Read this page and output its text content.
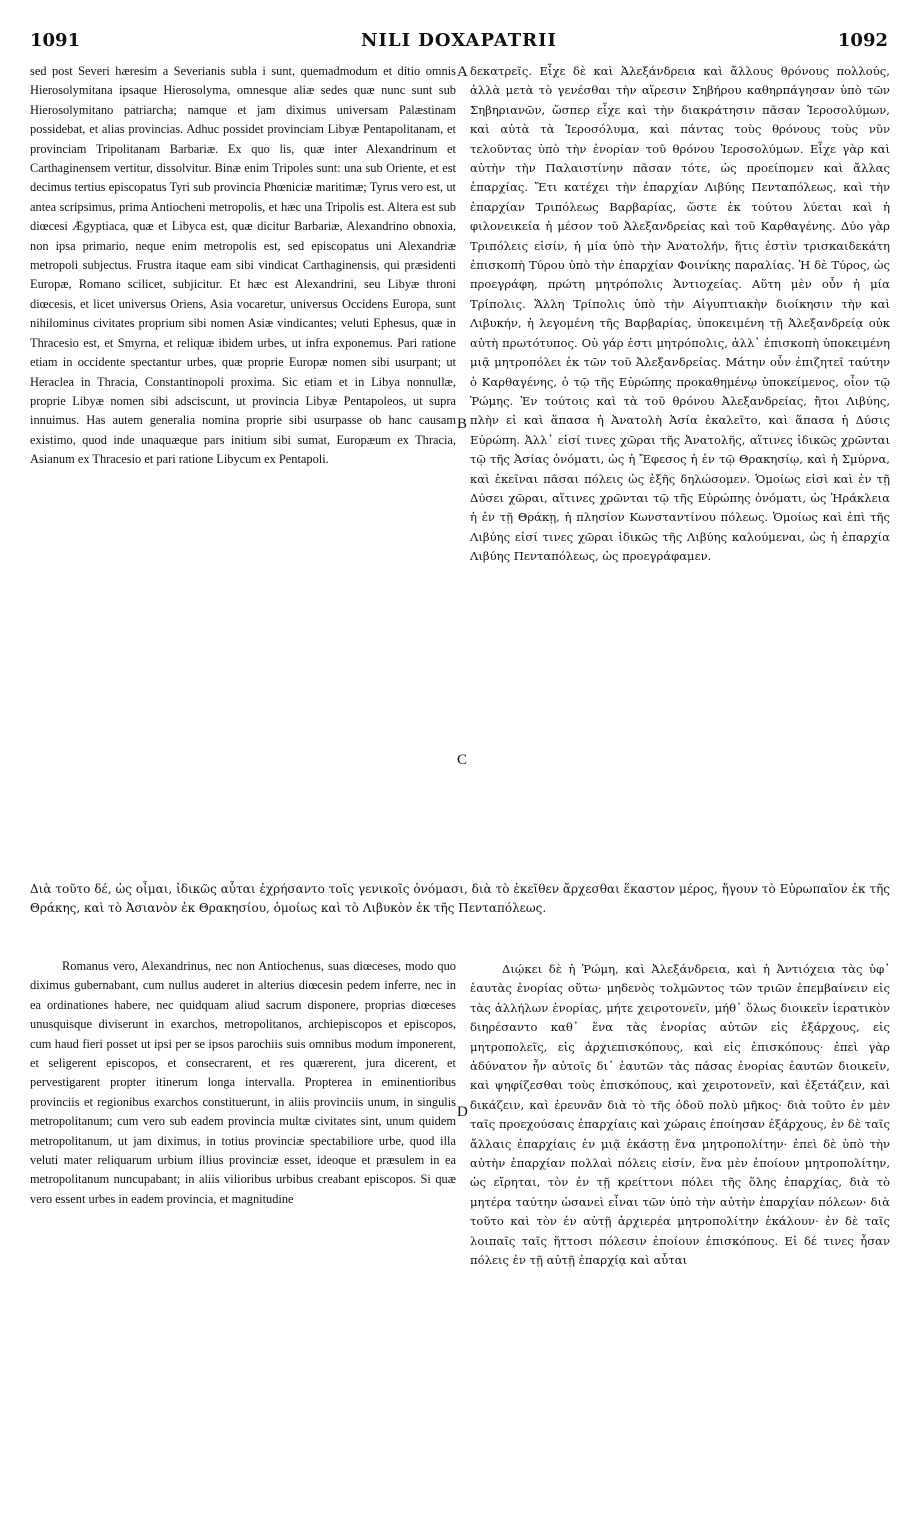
1091	NILI DOXAPATRII	1092

sed post Severi hæresim a Severianis subla i sunt, quemadmodum et ditio omnis Hierosolymitana ipsaque Hierosolyma, omnesque aliæ sedes quæ nunc sunt sub Hierosolymitano patriarcha; namque et jam diximus universam Palæstinam possidebat, et alias provincias. Adhuc possidet provinciam Libyæ Pentapolitanam, et provinciam Tripolitanam Barbariæ. Ex quo lis, quæ inter Alexandrinum et Carthaginensem vertitur, dissolvitur. Binæ enim Tripoles sunt: una sub Oriente, et est decimus tertius episcopatus Tyri sub provincia Phœniciæ maritimæ; Tyrus vero est, ut antea scripsimus, prima Antiocheni metropolis, et hæc una Tripolis est. Altera est sub diœcesi Ægyptiaca, quæ et Libyca est, quæ dicitur Barbariæ, Alexandrino obnoxia, non ipsa primario, neque enim metropolis est, sed episcopatus uni Alexandriæ metropoli subjectus. Frustra itaque eam sibi vindicat Carthaginensis, qui præsidenti Europæ, Romano scilicet, subjicitur. Et hæc est Alexandrini, seu Libyæ throni diœcesis, et licet universus Oriens, Asia vocaretur, universus Occidens Europa, sunt nihilominus civitates proprium sibi nomen Asiæ vindicantes; veluti Ephesus, quæ in Thracesio est, et Smyrna, et reliquæ ibidem urbes, ut infra exponemus. Pari ratione etiam in occidente spectantur urbes, quæ proprie Europæ nomen sibi usurpant; ut Heraclea in Thracia, Constantinopoli proxima. Sic etiam et in Libya nonnullæ, proprie Libyæ nomen sibi adsciscunt, ut provincia Libyæ Pentapoleos, ut supra innuimus. Has autem generalia nomina proprie sibi usurpasse ob hanc causam existimo, quod inde unaquæque pars initium sibi sumat, Europæum ex Thracia, Asianum ex Thracesio et pari ratione Libycum ex Pentapoli.

δεκατρεῖς. Εἶχε δὲ καὶ Ἀλεξάνδρεια καὶ ἄλλους θρόνους πολλούς, ἀλλὰ μετὰ τὸ γενέσθαι τὴν αἵρεσιν Σηβήρου καθηρπάγησαν ὑπὸ τῶν Σηβηριανῶν, ὥσπερ εἶχε καὶ τὴν διακράτησιν πᾶσαν Ἱεροσολύμων, καὶ αὐτὰ τὰ Ἱεροσόλυμα, καὶ πάντας τοὺς θρόνους τοὺς νῦν τελοῦντας ὑπὸ τὴν ἐνορίαν τοῦ θρόνου Ἱεροσολύμων. Εἶχε γὰρ καὶ αὐτὴν τὴν Παλαιστίνην πᾶσαν τότε, ὡς προείπομεν καὶ ἄλλας ἐπαρχίας. Ἔτι κατέχει τὴν ἐπαρχίαν Λιβύης Πενταπόλεως, καὶ τὴν ἐπαρχίαν Τριπόλεως Βαρβαρίας, ὥστε ἐκ τούτου λύεται καὶ ἡ φιλονεικεία ἡ μέσον τοῦ Ἀλεξανδρείας καὶ τοῦ Καρθαγένης. Δύο γὰρ Τριπόλεις εἰσίν, ἡ μία ὑπὸ τὴν Ἀνατολήν, ἥτις ἐστὶν τρισκαιδεκάτη ἐπισκοπὴ Τύρου ὑπὸ τὴν ἐπαρχίαν Φοινίκης παραλίας. Ἡ δὲ Τύρος, ὡς προεγράφη, πρώτη μητρόπολις Ἀντιοχείας. Αὕτη μὲν οὖν ἡ μία Τρίπολις. Ἄλλη Τρίπολις ὑπὸ τὴν Αἰγυπτιακὴν διοίκησιν τὴν καὶ Λιβυκήν, ἡ λεγομένη τῆς Βαρβαρίας, ὑποκειμένη τῇ Ἀλεξανδρείᾳ οὐκ αὐτὴ πρωτότυπος. Οὐ γάρ ἐστι μητρόπολις, ἀλλ᾿ ἐπισκοπὴ ὑποκειμένη μιᾷ μητροπόλει ἐκ τῶν τοῦ Ἀλεξανδρείας. Μάτην οὖν ἐπιζητεῖ ταύτην ὁ Καρθαγένης, ὁ τῷ τῆς Εὐρώπης προκαθημένῳ ὑποκείμενος, οἷον τῷ Ῥώμης. Ἐν τούτοις καὶ τὰ τοῦ θρόνου Ἀλεξανδρείας, ἤτοι Λιβύης, πλὴν εἰ καὶ ἅπασα ἡ Ἀνατολὴ Ἀσία ἐκαλεῖτο, καὶ ἅπασα ἡ Δύσις Εὐρώπη. Ἀλλ᾿ εἰσί τινες χῶραι τῆς Ἀνατολῆς, αἵτινες ἰδικῶς χρῶνται τῷ τῆς Ἀσίας ὀνόματι, ὡς ἡ Ἔφεσος ἡ ἐν τῷ Θρακησίῳ, καὶ ἡ Σμύρνα, καὶ ἐκεῖναι πᾶσαι πόλεις ὡς ἑξῆς δηλώσομεν. Ὁμοίως εἰσὶ καὶ ἐν τῇ Δύσει χῶραι, αἵτινες χρῶνται τῷ τῆς Εὐρώπης ὀνόματι, ὡς Ἡράκλεια ἡ ἐν τῇ Θράκῃ, ἡ πλησίον Κωνσταντίνου πόλεως. Ὁμοίως καὶ ἐπὶ τῆς Λιβύης εἰσί τινες χῶραι ἰδικῶς τῆς Λιβύης καλούμεναι, ὡς ἡ ἐπαρχία Λιβύης Πενταπόλεως, ὡς προεγράφαμεν.

A
B
C
D

Διὰ τοῦτο δέ, ὡς οἶμαι, ἰδικῶς αὗται ἐχρήσαντο τοῖς γενικοῖς ὀνόμασι, διὰ τὸ ἐκεῖθεν ἄρχεσθαι ἕκαστον μέρος, ἤγουν τὸ Εὐρωπαῖον ἐκ τῆς Θράκης, καὶ τὸ Ἀσιανὸν ἐκ Θρακησίου, ὁμοίως καὶ τὸ Λιβυκὸν ἐκ τῆς Πενταπόλεως.

Romanus vero, Alexandrinus, nec non Antiochenus, suas diœceses, modo quo diximus gubernabant, cum nullus auderet in alterius diœcesin pedem inferre, nec in ea ordinationes habere, nec quidquam aliud sacrum disponere, proprias diœceses unusquisque diviserunt in exarchos, metropolitanos, archiepiscopos et episcopos, cum haud fieri posset ut ipsi per se ipsos parochiis suis omnibus modum imponerent, et seligerent episcopos, et consecrarent, et res quærerent, jura dicerent, et pervestigarent propter itinerum longa intervalla. Propterea in eminentioribus provinciis et regionibus exarchos constituerunt, in aliis provinciis unum, in singulis metropolitanum; cum vero sub eadem provincia multæ civitates sint, unum quidem metropolitanum, ut jam diximus, in totius provinciæ spectabiliore urbe, quod illa veluti mater reliquarum urbium illius provinciæ esset, ideoque et præsulem in ea metropolitanum nuncupabant; in aliis vilioribus urbibus creabant episcopos. Si quæ vero essent urbes in eadem provincia, et magnitudine

Διῴκει δὲ ἡ Ῥώμη, καὶ Ἀλεξάνδρεια, καὶ ἡ Ἀντιόχεια τὰς ὑφ᾿ ἑαυτὰς ἐνορίας οὕτω· μηδενὸς τολμῶντος τῶν τριῶν ἐπεμβαίνειν εἰς τὰς ἀλλήλων ἐνορίας, μήτε χειροτονεῖν, μήθ᾿ ὅλως διοικεῖν ἱερατικὸν διηρέσαντο καθ᾿ ἕνα τὰς ἐνορίας αὐτῶν εἰς ἐξάρχους, εἰς μητροπολεῖς, εἰς ἀρχιεπισκόπους, καὶ εἰς ἐπισκόπους· ἐπεὶ γὰρ ἀδύνατον ἦν αὐτοῖς δι᾿ ἑαυτῶν τὰς πάσας ἐνορίας ἑαυτῶν διοικεῖν, καὶ ψηφίζεσθαι τοὺς ἐπισκόπους, καὶ χειροτονεῖν, καὶ ἐξετάζειν, καὶ δικάζειν, καὶ ἐρευνᾶν διὰ τὸ τῆς ὁδοῦ πολὺ μῆκος· διὰ τοῦτο ἐν μὲν ταῖς προεχούσαις ἐπαρχίαις καὶ χώραις ἐποίησαν ἐξάρχους, ἐν δὲ ταῖς ἄλλαις ἐπαρχίαις ἐν μιᾷ ἑκάστῃ ἕνα μητροπολίτην· ἐπεὶ δὲ ὑπὸ τὴν αὐτὴν ἐπαρχίαν πολλαὶ πόλεις εἰσίν, ἕνα μὲν ἐποίουν μητροπολίτην, ὡς εἴρηται, τὸν ἐν τῇ κρείττονι πόλει τῆς ὅλης ἐπαρχίας, διὰ τὸ μητέρα ταύτην ὡσανεὶ εἶναι τῶν ὑπὸ τὴν αὐτὴν ἐπαρχίαν πόλεων· διὰ τοῦτο καὶ τὸν ἐν αὐτῇ ἀρχιερέα μητροπολίτην ἐκάλουν· ἐν δὲ ταῖς λοιπαῖς ταῖς ἥττοσι πόλεσιν ἐποίουν ἐπισκόπους. Εἰ δέ τινες ἦσαν πόλεις ἐν τῇ αὐτῇ ἐπαρχίᾳ καὶ αὗται
